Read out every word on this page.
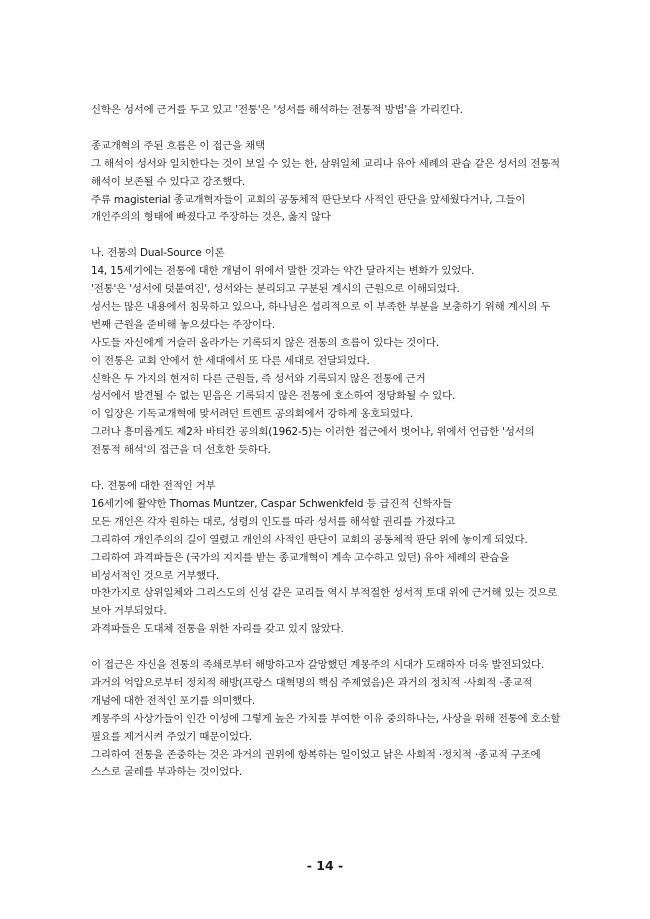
신학은 성서에 근거를 두고 있고 '전통'은 '성서를 해석하는 전통적 방법'을 가리킨다.

종교개혁의 주된 흐름은 이 접근을 채택

그 해석이 성서와 일치한다는 것이 보일 수 있는 한, 삼위일체 교리나 유아 세례의 관습 같은 성서의 전통적 해석이 보존될 수 있다고 강조했다.

주류 magisterial 종교개혁자들이 교회의 공동체적 판단보다 사적인 판단을 앞세웠다거나, 그들이 개인주의의 형태에 빠졌다고 주장하는 것은, 옳지 않다

나. 전통의 Dual-Source 이론

14, 15세기에는 전통에 대한 개념이 위에서 말한 것과는 약간 달라지는 변화가 있었다.

'전통'은 '성서에 덧붙여진', 성서와는 분리되고 구분된 계시의 근원으로 이해되었다.

성서는 많은 내용에서 침묵하고 있으나, 하나님은 섭리적으로 이 부족한 부분을 보충하기 위해 계시의 두 번째 근원을 준비해 놓으셨다는 주장이다.

사도들 자신에게 거슬러 올라가는 기록되지 않은 전통의 흐름이 있다는 것이다.

이 전통은 교회 안에서 한 세대에서 또 다른 세대로 전달되었다.

신학은 두 가지의 현저히 다른 근원들, 즉 성서와 기록되지 않은 전통에 근거

성서에서 발견될 수 없는 믿음은 기록되지 않은 전통에 호소하여 정당화될 수 있다.

이 입장은 기독교개혁에 맞서려던 트렌트 공의회에서 강하게 옹호되었다.

그러나 흥미롭게도 제2차 바티칸 공의회(1962-5)는 이러한 접근에서 벗어나, 위에서 언급한 '성서의 전통적 해석'의 접근을 더 선호한 듯하다.

다. 전통에 대한 전적인 거부

16세기에 활약한 Thomas Muntzer, Caspar Schwenkfeld 등 급진적 신학자들

모든 개인은 각자 원하는 대로, 성령의 인도를 따라 성서를 해석할 권리를 가졌다고

그리하여 개인주의의 길이 열렸고 개인의 사적인 판단이 교회의 공동체적 판단 위에 놓이게 되었다.

그리하여 과격파들은 (국가의 지지를 받는 종교개혁이 계속 고수하고 있던) 유아 세례의 관습을 비성서적인 것으로 거부했다.

마찬가지로 삼위일체와 그리스도의 신성 같은 교리들 역시 부적절한 성서적 토대 위에 근거해 있는 것으로 보아 거부되었다.

과격파들은 도대체 전통을 위한 자리를 갖고 있지 않았다.

이 접근은 자신을 전통의 족쇄로부터 해방하고자 갈망했던 계몽주의 시대가 도래하자 더욱 발전되었다.

과거의 억압으로부터 정치적 해방(프랑스 대혁명의 핵심 주제였음)은 과거의 정치적 ·사회적 ·종교적 개념에 대한 전적인 포기를 의미했다.

계몽주의 사상가들이 인간 이성에 그렇게 높은 가치를 부여한 이유 중의하나는, 사상을 위해 전통에 호소할 필요를 제거시켜 주었기 때문이었다.

그리하여 전통을 존중하는 것은 과거의 권위에 항복하는 일이었고 낡은 사회적 ·정치적 ·종교적 구조에 스스로 굴레를 부과하는 것이었다.

- 14 -
